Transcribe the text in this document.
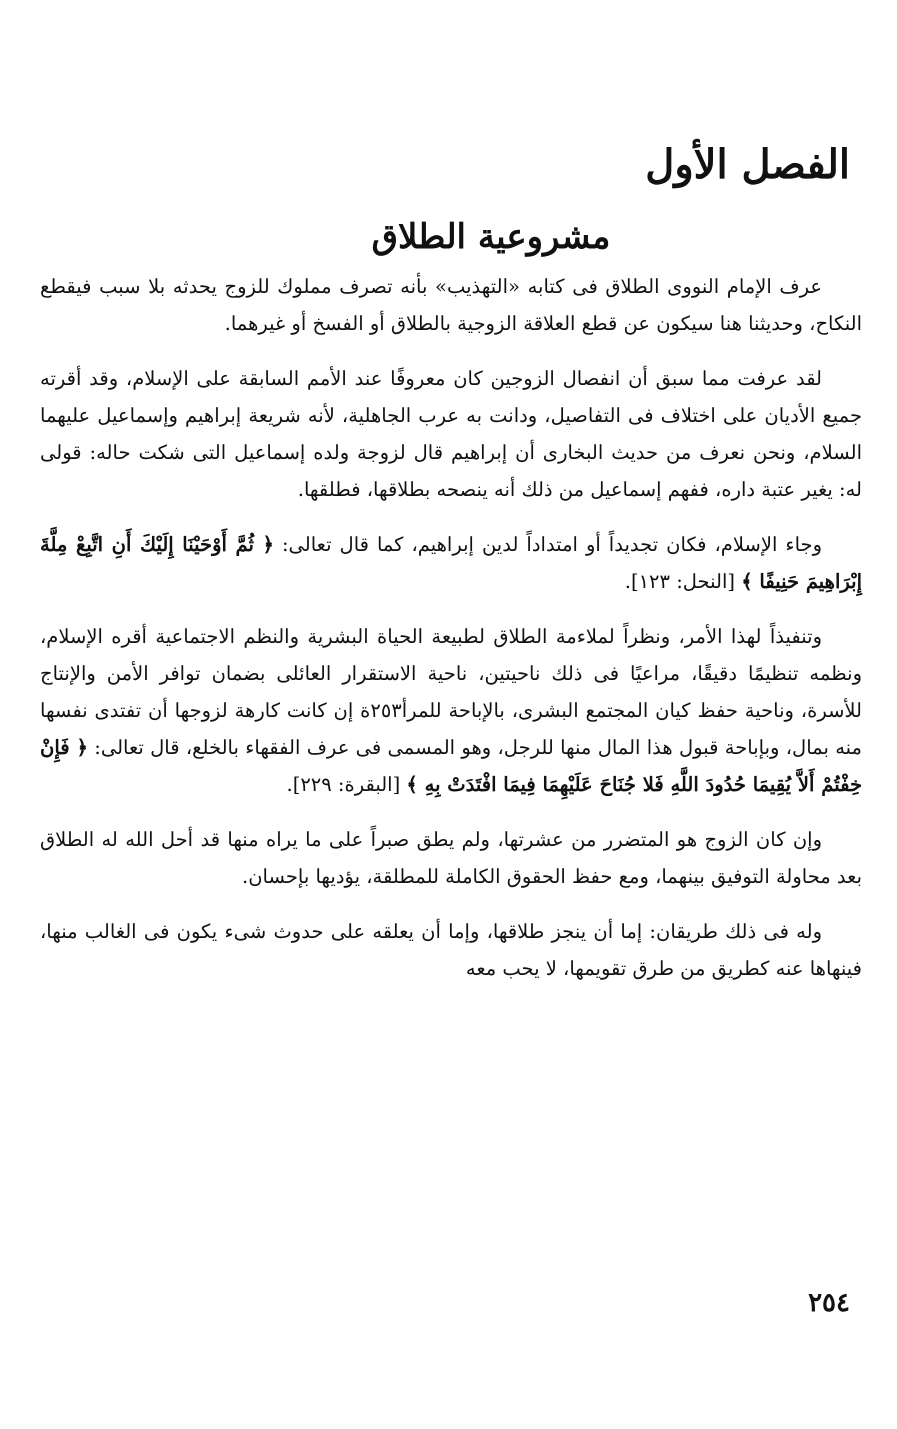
الفصل الأول
مشروعية الطلاق

عرف الإمام النووى الطلاق فى كتابه «التهذيب» بأنه تصرف مملوك للزوج يحدثه بلا سبب فيقطع النكاح، وحديثنا هنا سيكون عن قطع العلاقة الزوجية بالطلاق أو الفسخ أو غيرهما.

لقد عرفت مما سبق أن انفصال الزوجين كان معروفًا عند الأمم السابقة على الإسلام، وقد أقرته جميع الأديان على اختلاف فى التفاصيل، ودانت به عرب الجاهلية، لأنه شريعة إبراهيم وإسماعيل عليهما السلام، ونحن نعرف من حديث البخارى أن إبراهيم قال لزوجة ولده إسماعيل التى شكت حاله: قولى له: يغير عتبة داره، ففهم إسماعيل من ذلك أنه ينصحه بطلاقها، فطلقها.

وجاء الإسلام، فكان تجديداً أو امتداداً لدين إبراهيم، كما قال تعالى: ﴿ ثُمَّ أَوْحَيْنَا إِلَيْكَ أَنِ اتَّبِعْ مِلَّةَ إِبْرَاهِيمَ حَنِيفًا ﴾ [النحل: ١٢٣].

وتنفيذاً لهذا الأمر، ونظراً لملاءمة الطلاق لطبيعة الحياة البشرية والنظم الاجتماعية أقره الإسلام، ونظمه تنظيمًا دقيقًا، مراعيًا فى ذلك ناحيتين، ناحية الاستقرار العائلى بضمان توافر الأمن والإنتاج للأسرة، وناحية حفظ كيان المجتمع البشرى، بالإباحة للمرأ٢٥٣ة إن كانت كارهة لزوجها أن تفتدى نفسها منه بمال، وبإباحة قبول هذا المال منها للرجل، وهو المسمى فى عرف الفقهاء بالخلع، قال تعالى: ﴿ فَإِنْ خِفْتُمْ أَلاَّ يُقِيمَا حُدُودَ اللَّهِ فَلا جُنَاحَ عَلَيْهِمَا فِيمَا افْتَدَتْ بِهِ ﴾ [البقرة: ٢٢٩].

وإن كان الزوج هو المتضرر من عشرتها، ولم يطق صبراً على ما يراه منها قد أحل الله له الطلاق بعد محاولة التوفيق بينهما، ومع حفظ الحقوق الكاملة للمطلقة، يؤديها بإحسان.

وله فى ذلك طريقان: إما أن ينجز طلاقها، وإما أن يعلقه على حدوث شىء يكون فى الغالب منها، فينهاها عنه كطريق من طرق تقويمها، لا يحب معه

٢٥٤
